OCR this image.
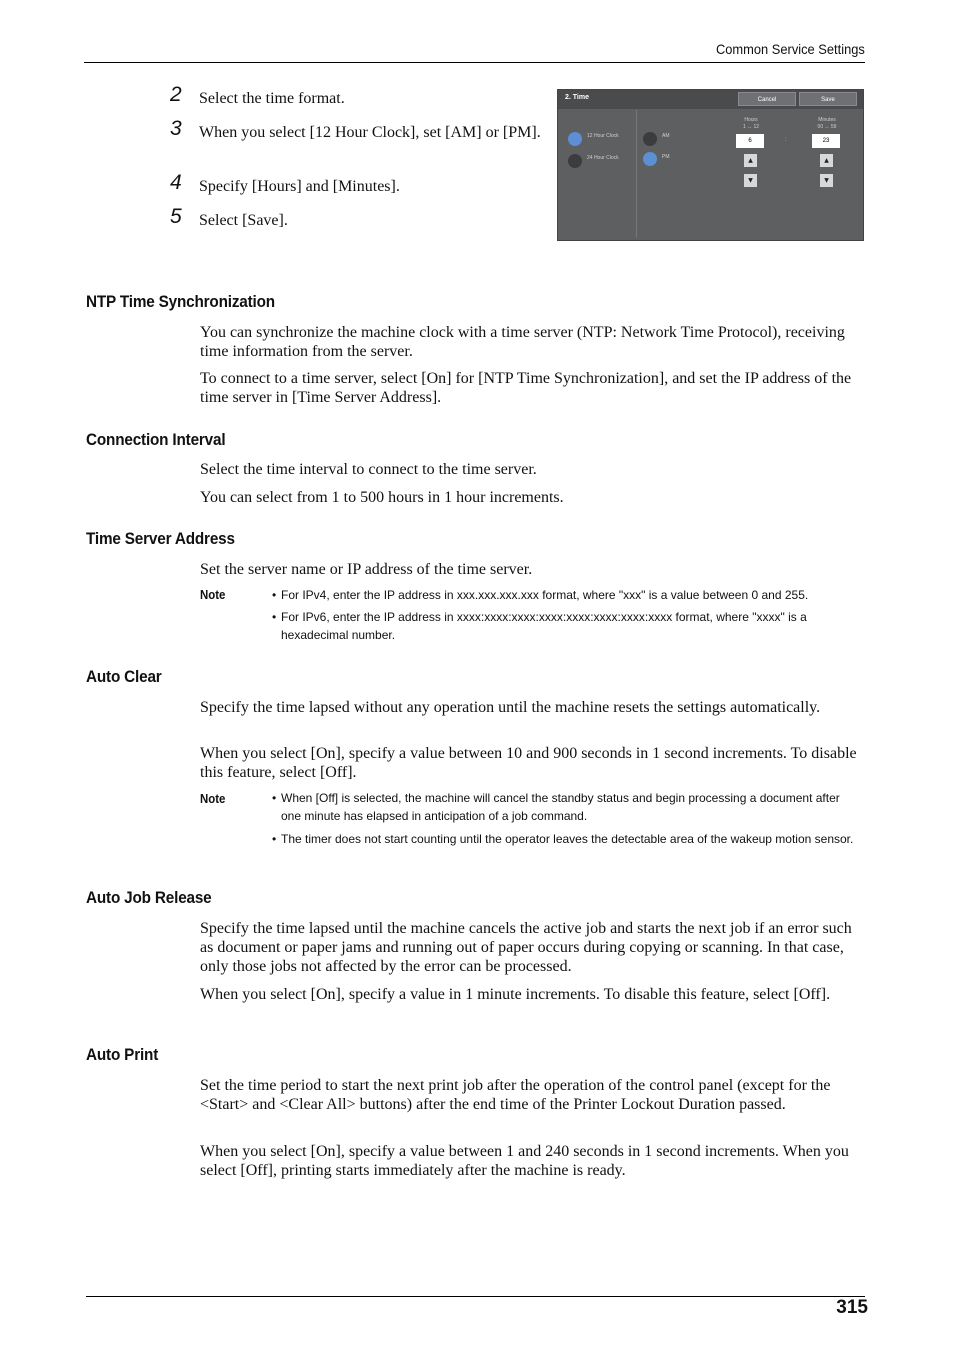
Common Service Settings
2 Select the time format.
3 When you select [12 Hour Clock], set [AM] or [PM].
4 Specify [Hours] and [Minutes].
5 Select [Save].
2. Time	Cancel	Save
12 Hour Clock
24 Hour Clock
AM
PM
Hours
1 ↔ 12
Minutes
00 ↔ 59
6	:	23
▲
▼
▲
▼
NTP Time Synchronization
You can synchronize the machine clock with a time server (NTP: Network Time Protocol), receiving time information from the server.
To connect to a time server, select [On] for [NTP Time Synchronization], and set the IP address of the time server in [Time Server Address].
Connection Interval
Select the time interval to connect to the time server.
You can select from 1 to 500 hours in 1 hour increments.
Time Server Address
Set the server name or IP address of the time server.
Note	• For IPv4, enter the IP address in xxx.xxx.xxx.xxx format, where "xxx" is a value between 0 and 255.
• For IPv6, enter the IP address in xxxx:xxxx:xxxx:xxxx:xxxx:xxxx:xxxx:xxxx format, where "xxxx" is a hexadecimal number.
Auto Clear
Specify the time lapsed without any operation until the machine resets the settings automatically.
When you select [On], specify a value between 10 and 900 seconds in 1 second increments. To disable this feature, select [Off].
Note	• When [Off] is selected, the machine will cancel the standby status and begin processing a document after one minute has elapsed in anticipation of a job command.
• The timer does not start counting until the operator leaves the detectable area of the wakeup motion sensor.
Auto Job Release
Specify the time lapsed until the machine cancels the active job and starts the next job if an error such as document or paper jams and running out of paper occurs during copying or scanning. In that case, only those jobs not affected by the error can be processed.
When you select [On], specify a value in 1 minute increments. To disable this feature, select [Off].
Auto Print
Set the time period to start the next print job after the operation of the control panel (except for the <Start> and <Clear All> buttons) after the end time of the Printer Lockout Duration passed.
When you select [On], specify a value between 1 and 240 seconds in 1 second increments. When you select [Off], printing starts immediately after the machine is ready.
315
